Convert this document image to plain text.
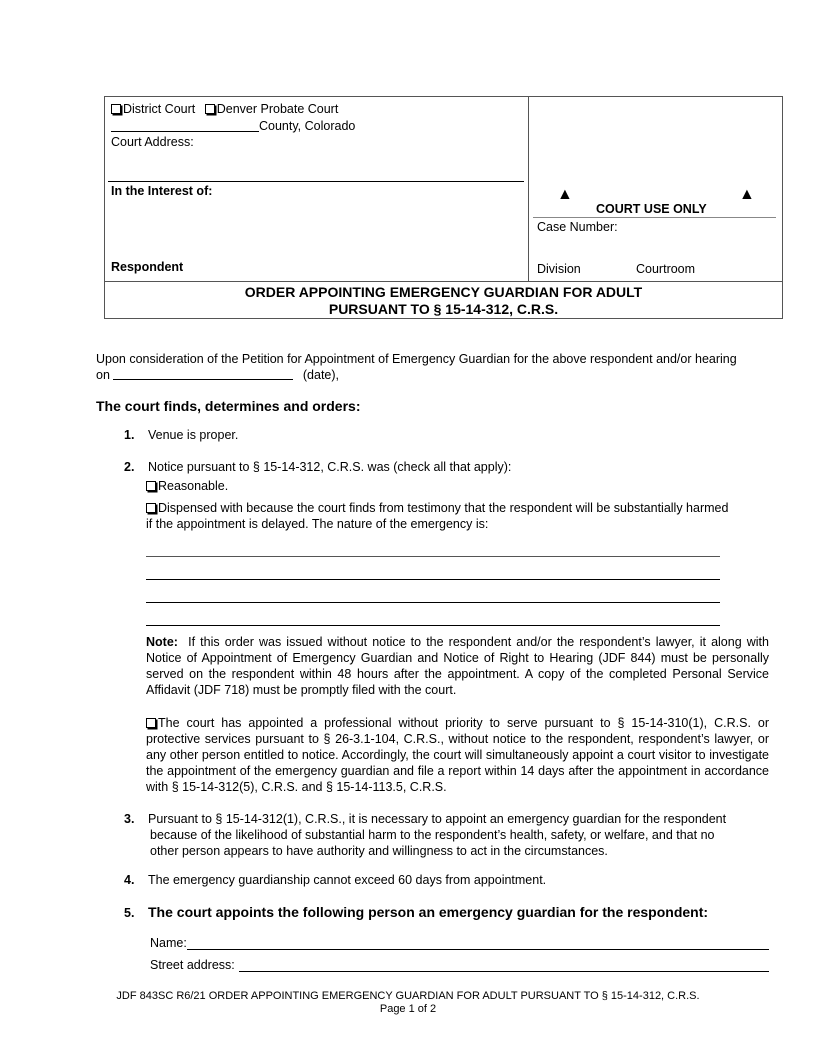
District Court Denver Probate Court
County, Colorado
Court Address:
In the Interest of:
Respondent
▲	▲
COURT USE ONLY
Case Number:
Division	Courtroom
ORDER APPOINTING EMERGENCY GUARDIAN FOR ADULT
PURSUANT TO § 15-14-312, C.R.S.
Upon consideration of the Petition for Appointment of Emergency Guardian for the above respondent and/or hearing
on	(date),
The court finds, determines and orders:
1. Venue is proper.
2. Notice pursuant to § 15-14-312, C.R.S. was (check all that apply):
Reasonable.
Dispensed with because the court finds from testimony that the respondent will be substantially harmed
if the appointment is delayed. The nature of the emergency is:
Note: If this order was issued without notice to the respondent and/or the respondent’s lawyer, it along with Notice of Appointment of Emergency Guardian and Notice of Right to Hearing (JDF 844) must be personally served on the respondent within 48 hours after the appointment. A copy of the completed Personal Service Affidavit (JDF 718) must be promptly filed with the court.
The court has appointed a professional without priority to serve pursuant to § 15-14-310(1), C.R.S. or protective services pursuant to § 26-3.1-104, C.R.S., without notice to the respondent, respondent’s lawyer, or any other person entitled to notice. Accordingly, the court will simultaneously appoint a court visitor to investigate the appointment of the emergency guardian and file a report within 14 days after the appointment in accordance with § 15-14-312(5), C.R.S. and § 15-14-113.5, C.R.S.
3. Pursuant to § 15-14-312(1), C.R.S., it is necessary to appoint an emergency guardian for the respondent
because of the likelihood of substantial harm to the respondent’s health, safety, or welfare, and that no
other person appears to have authority and willingness to act in the circumstances.
4. The emergency guardianship cannot exceed 60 days from appointment.
5. The court appoints the following person an emergency guardian for the respondent:
Name:
Street address:
JDF 843SC R6/21 ORDER APPOINTING EMERGENCY GUARDIAN FOR ADULT PURSUANT TO § 15-14-312, C.R.S.
Page 1 of 2
